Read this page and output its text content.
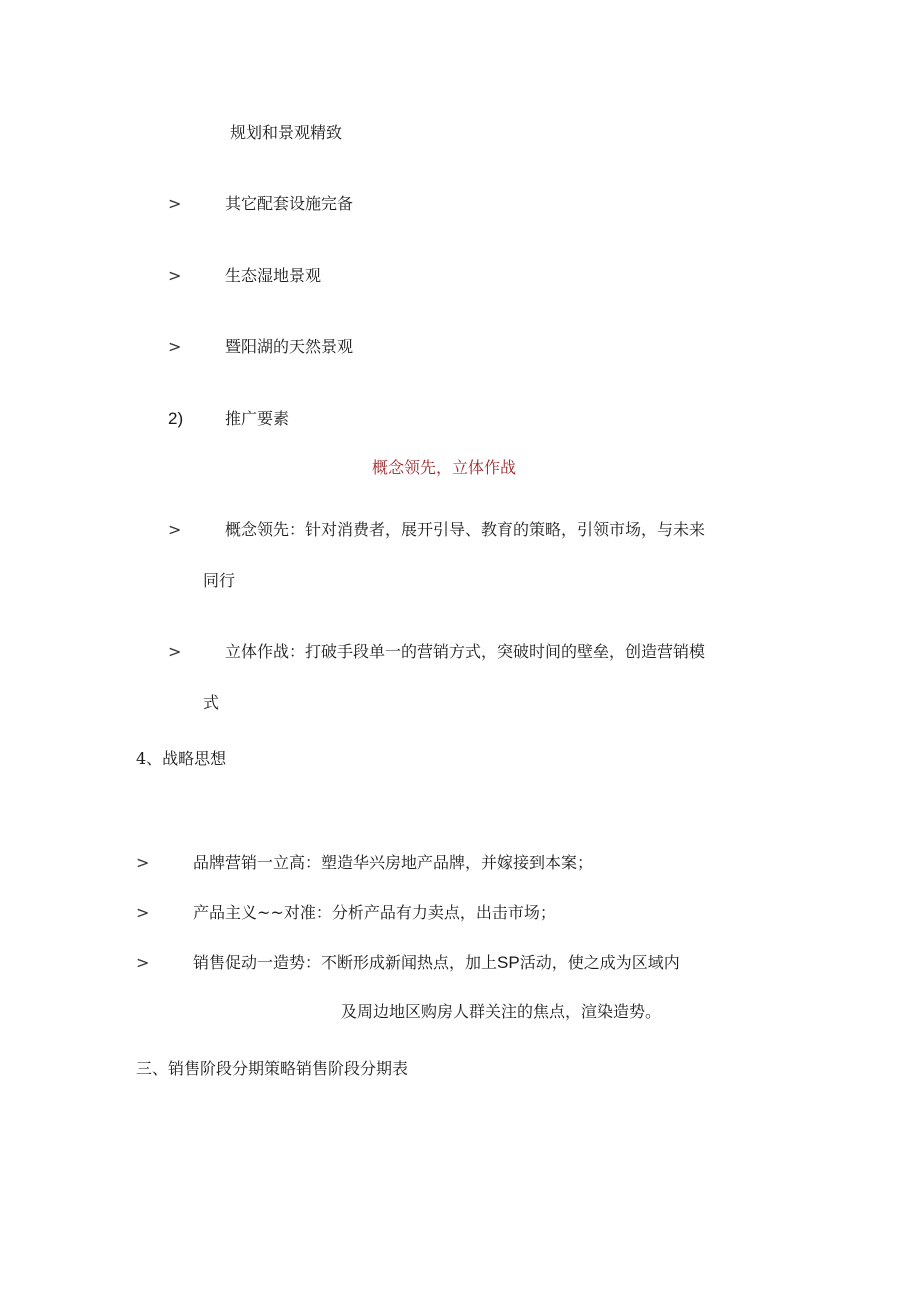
规划和景观精致
>	其它配套设施完备
>	生态湿地景观
>	暨阳湖的天然景观
2)	推广要素
概念领先，立体作战
>	概念领先：针对消费者，展开引导、教育的策略，引领市场，与未来
同行
>	立体作战：打破手段单一的营销方式，突破时间的壁垒，创造营销模
式
4、战略思想
>	品牌营销一立高：塑造华兴房地产品牌，并嫁接到本案；
>	产品主义~~对准：分析产品有力卖点，出击市场；
>	销售促动一造势：不断形成新闻热点，加上SP活动，使之成为区域内
及周边地区购房人群关注的焦点，渲染造势。
三、销售阶段分期策略销售阶段分期表
